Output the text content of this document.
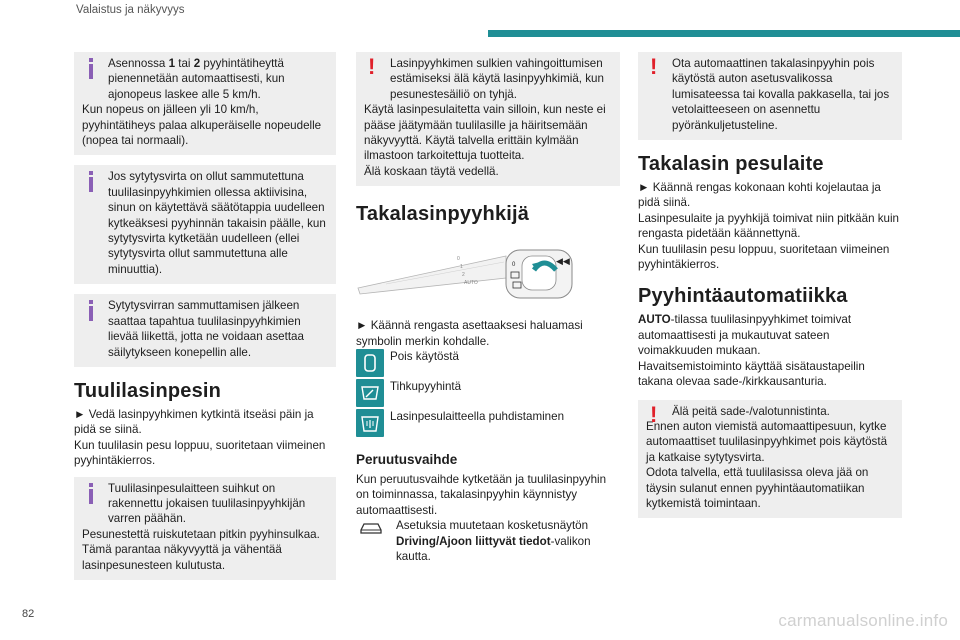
Valaistus ja näkyvyys

Asennossa 1 tai 2 pyyhintätiheyttä pienennetään automaattisesti, kun ajonopeus laskee alle 5 km/h.

Kun nopeus on jälleen yli 10 km/h, pyyhintätiheys palaa alkuperäiselle nopeudelle (nopea tai normaali).

Jos sytytysvirta on ollut sammutettuna tuulilasinpyyhkimien ollessa aktiivisina, sinun on käytettävä säätötappia uudelleen kytkeäksesi pyyhinnän takaisin päälle, kun sytytysvirta kytketään uudelleen (ellei sytytysvirta ollut sammutettuna alle minuuttia).

Sytytysvirran sammuttamisen jälkeen saattaa tapahtua tuulilasinpyyhkimien lievää liikettä, jotta ne voidaan asettaa säilytykseen konepellin alle.

Tuulilasinpesin

► Vedä lasinpyyhkimen kytkintä itseäsi päin ja pidä se siinä.

Kun tuulilasin pesu loppuu, suoritetaan viimeinen pyyhintäkierros.

Tuulilasinpesulaitteen suihkut on rakennettu jokaisen tuulilasinpyyhkijän varren päähän.

Pesunestettä ruiskutetaan pitkin pyyhinsulkaa. Tämä parantaa näkyvyyttä ja vähentää lasinpesunesteen kulutusta.

!	Lasinpyyhkimen sulkien vahingoittumisen estämiseksi älä käytä lasinpyyhkimiä, kun pesunestesäiliö on tyhjä.

Käytä lasinpesulaitetta vain silloin, kun neste ei pääse jäätymään tuulilasille ja häiritsemään näkyvyyttä. Käytä talvella erittäin kylmään ilmastoon tarkoitettuja tuotteita.

Älä koskaan täytä vedellä.

Takalasinpyyhkijä
◀◀
0
0
1
2
AUTO

► Käännä rengasta asettaaksesi haluamasi symbolin merkin kohdalle.

Pois käytöstä
Tihkupyyhintä
Lasinpesulaitteella puhdistaminen
Peruutusvaihde

Kun peruutusvaihde kytketään ja tuulilasinpyyhin on toiminnassa, takalasinpyyhin käynnistyy automaattisesti.

Asetuksia muutetaan kosketusnäytön Driving/Ajoon liittyvät tiedot-valikon kautta.
!	Ota automaattinen takalasinpyyhin pois käytöstä auton asetusvalikossa lumisateessa tai kovalla pakkasella, tai jos vetolaitteeseen on asennettu pyöränkuljetusteline.

Takalasin pesulaite

► Käännä rengas kokonaan kohti kojelautaa ja pidä siinä.

Lasinpesulaite ja pyyhkijä toimivat niin pitkään kuin rengasta pidetään käännettynä.

Kun tuulilasin pesu loppuu, suoritetaan viimeinen pyyhintäkierros.

Pyyhintäautomatiikka

AUTO-tilassa tuulilasinpyyhkimet toimivat automaattisesti ja mukautuvat sateen voimakkuuden mukaan.

Havaitsemistoiminto käyttää sisätaustapeilin takana olevaa sade-/kirkkausanturia.

!	Älä peitä sade-/valotunnistinta.

Ennen auton viemistä automaattipesuun, kytke automaattiset tuulilasinpyyhkimet pois käytöstä ja katkaise sytytysvirta.

Odota talvella, että tuulilasissa oleva jää on täysin sulanut ennen pyyhintäautomatiikan kytkemistä toimintaan.

82	carmanualsonline.info
